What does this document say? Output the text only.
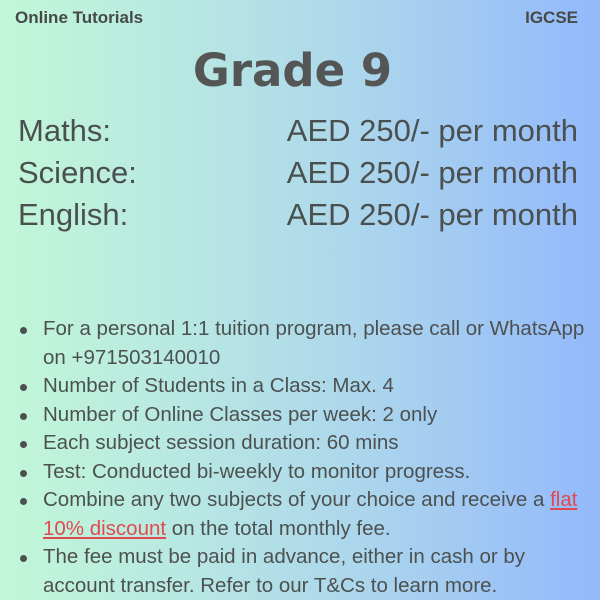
Online Tutorials	IGCSE
Grade 9
Maths:	AED 250/- per month
Science:	AED 250/- per month
English:	AED 250/- per month
For a personal 1:1 tuition program, please call or WhatsApp on +971503140010
Number of Students in a Class: Max. 4
Number of Online Classes per week: 2 only
Each subject session duration: 60 mins
Test: Conducted bi-weekly to monitor progress.
Combine any two subjects of your choice and receive a flat 10% discount on the total monthly fee.
The fee must be paid in advance, either in cash or by account transfer. Refer to our T&Cs to learn more.
